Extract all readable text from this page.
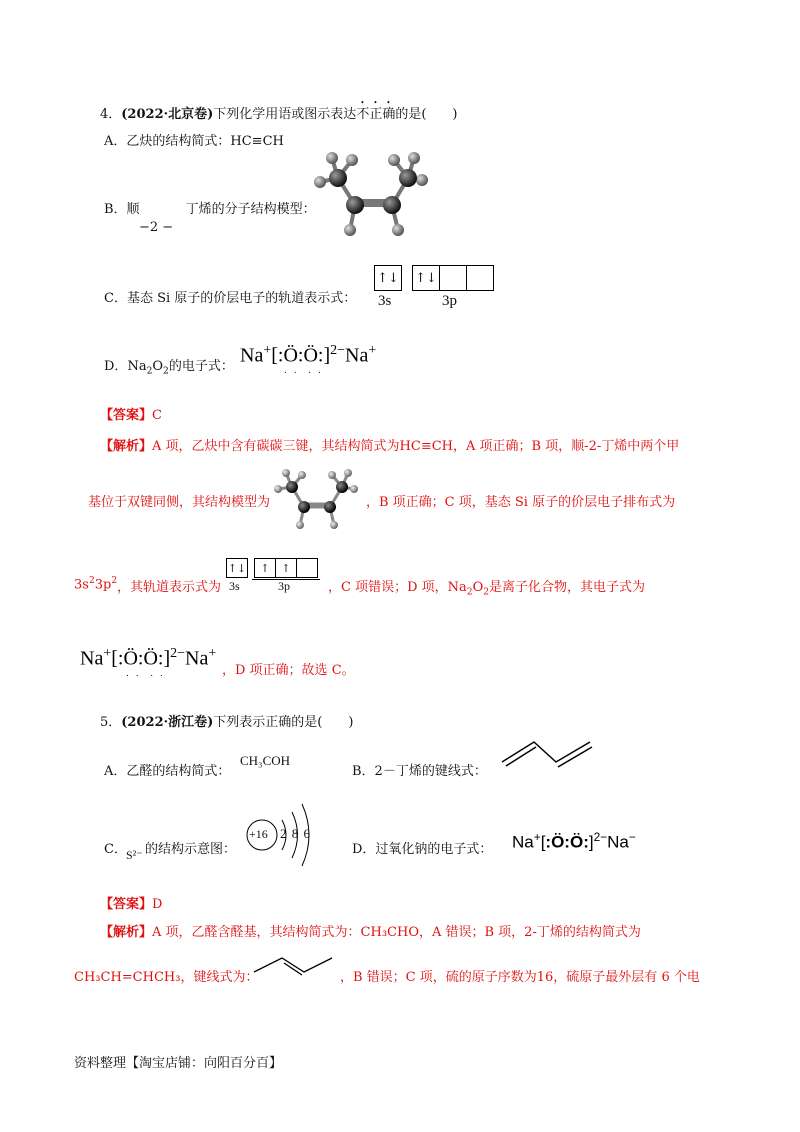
4．(2022·北京卷)下列化学用语或图示表达不正确的是(　　)
A．乙炔的结构简式：HC≡CH
B．顺	丁烯的分子结构模型：
−2 −
C．基态 Si 原子的价层电子的轨道表示式：
↑↓ ↑↓
3s	3p
D．$Na_2O_2$的电子式： Na+[:Ö:Ö:]$^{2-}$Na+
. .  . .
【答案】C
【解析】A 项，乙炔中含有碳碳三键，其结构简式为HC≡CH，A 项正确；B 项，顺-2-丁烯中两个甲
基位于双键同侧，其结构模型为	，B 项正确；C 项，基态 Si 原子的价层电子排布式为
$3s^23p^2$ ，其轨道表示式为
↑↓	↑	↑
3s	3p	，C 项错误；D 项，$Na_2O_2$是离子化合物，其电子式为
Na+[:Ö:Ö:]$^{2-}$Na+
. .  . .	，D 项正确；故选 C。
5．(2022·浙江卷)下列表示正确的是(　　)
A．乙醛的结构简式：
CH₃COH
B．2－丁烯的键线式：
C． S²⁻ 的结构示意图：
+16 2 8 6
D．过氧化钠的电子式： Na+[:Ö:Ö:]$^{2-}$Na−
【答案】D
【解析】A 项，乙醛含醛基，其结构简式为：CH₃CHO，A 错误；B 项，2-丁烯的结构简式为
CH₃CH=CHCH₃，键线式为：	，B 错误；C 项，硫的原子序数为16，硫原子最外层有 6 个电
资料整理【淘宝店铺：向阳百分百】
